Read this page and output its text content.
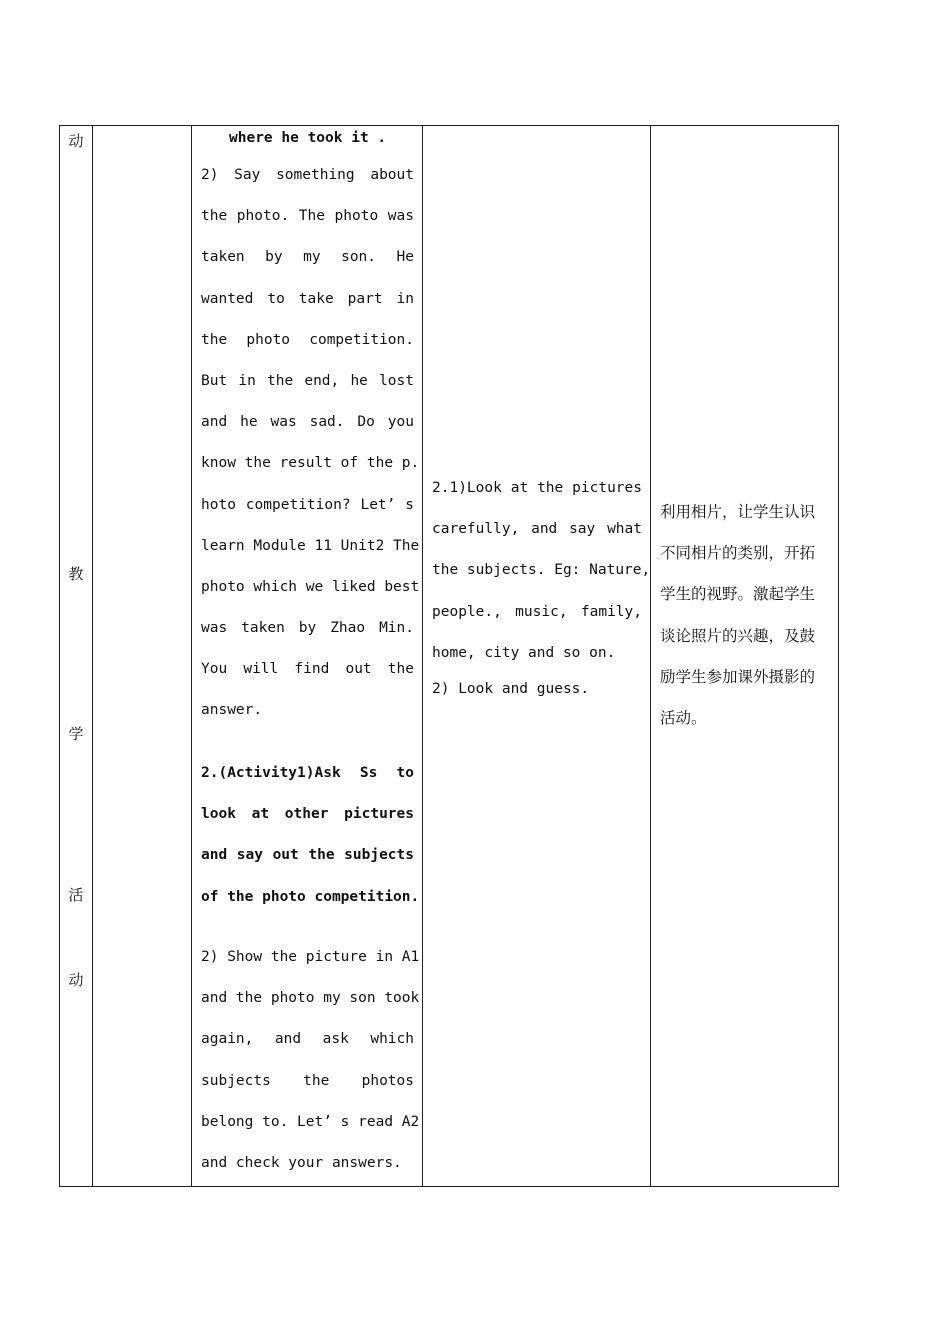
动
教
学
活
动
where he took it .
2) Say something about
the photo. The photo was
taken by my son. He
wanted to take part in
the photo competition.
But in the end, he lost
and he was sad. Do you
know the result of the p.
hoto competition? Let’ s
learn Module 11 Unit2 The
photo which we liked best
was taken by Zhao Min.
You will find out the
answer.
2.(Activity1)Ask Ss to
look at other pictures
and say out the subjects
of the photo competition.
2) Show the picture in A1
and the photo my son took
again, and ask which
subjects the photos
belong to. Let’ s read A2
and check your answers.
2.1)Look at the pictures
carefully, and say what
the subjects. Eg: Nature,
people., music, family,
home, city and so on.
2) Look and guess.
利用相片，让学生认识
不同相片的类别，开拓
学生的视野。激起学生
谈论照片的兴趣，及鼓
励学生参加课外摄影的
活动。
